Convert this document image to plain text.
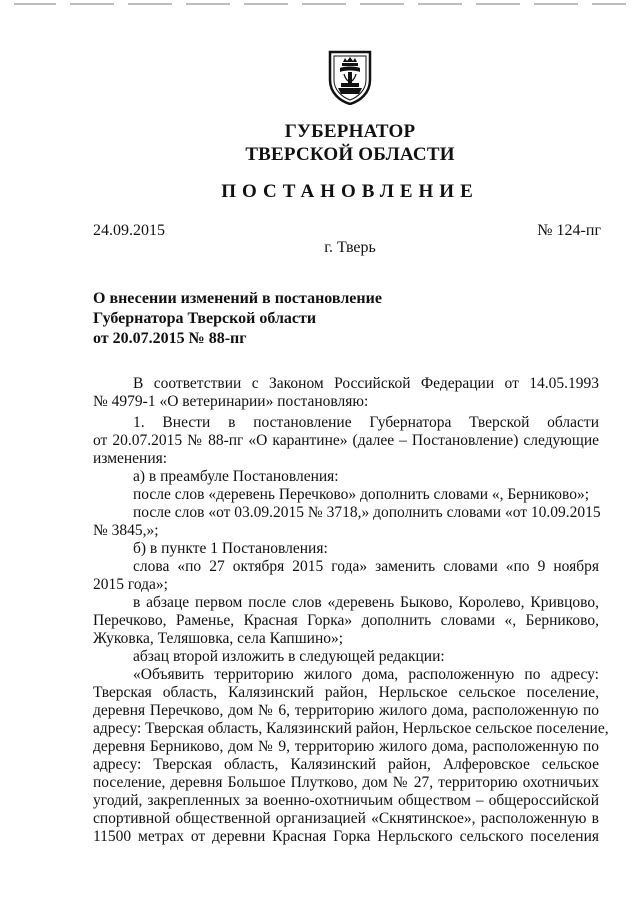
ГУБЕРНАТОР
ТВЕРСКОЙ ОБЛАСТИ
ПОСТАНОВЛЕНИЕ
24.09.2015	№ 124-пг
г. Тверь
О внесении изменений в постановление
Губернатора Тверской области
от 20.07.2015 № 88-пг
В соответствии с Законом Российской Федерации от 14.05.1993
№ 4979-1 «О ветеринарии» постановляю:
1. Внести в постановление Губернатора Тверской области
от 20.07.2015 № 88-пг «О карантине» (далее – Постановление) следующие
изменения:
а) в преамбуле Постановления:
после слов «деревень Перечково» дополнить словами «, Берниково»;
после слов «от 03.09.2015 № 3718,» дополнить словами «от 10.09.2015
№ 3845,»;
б) в пункте 1 Постановления:
слова «по 27 октября 2015 года» заменить словами «по 9 ноября
2015 года»;
в абзаце первом после слов «деревень Быково, Королево, Кривцово,
Перечково, Раменье, Красная Горка» дополнить словами «, Берниково,
Жуковка, Теляшовка, села Капшино»;
абзац второй изложить в следующей редакции:
«Объявить территорию жилого дома, расположенную по адресу:
Тверская область, Калязинский район, Нерльское сельское поселение,
деревня Перечково, дом № 6, территорию жилого дома, расположенную по
адресу: Тверская область, Калязинский район, Нерльское сельское поселение,
деревня Берниково, дом № 9, территорию жилого дома, расположенную по
адресу: Тверская область, Калязинский район, Алферовское сельское
поселение, деревня Большое Плутково, дом № 27, территорию охотничьих
угодий, закрепленных за военно-охотничьим обществом – общероссийской
спортивной общественной организацией «Скнятинское», расположенную в
11500 метрах от деревни Красная Горка Нерльского сельского поселения
